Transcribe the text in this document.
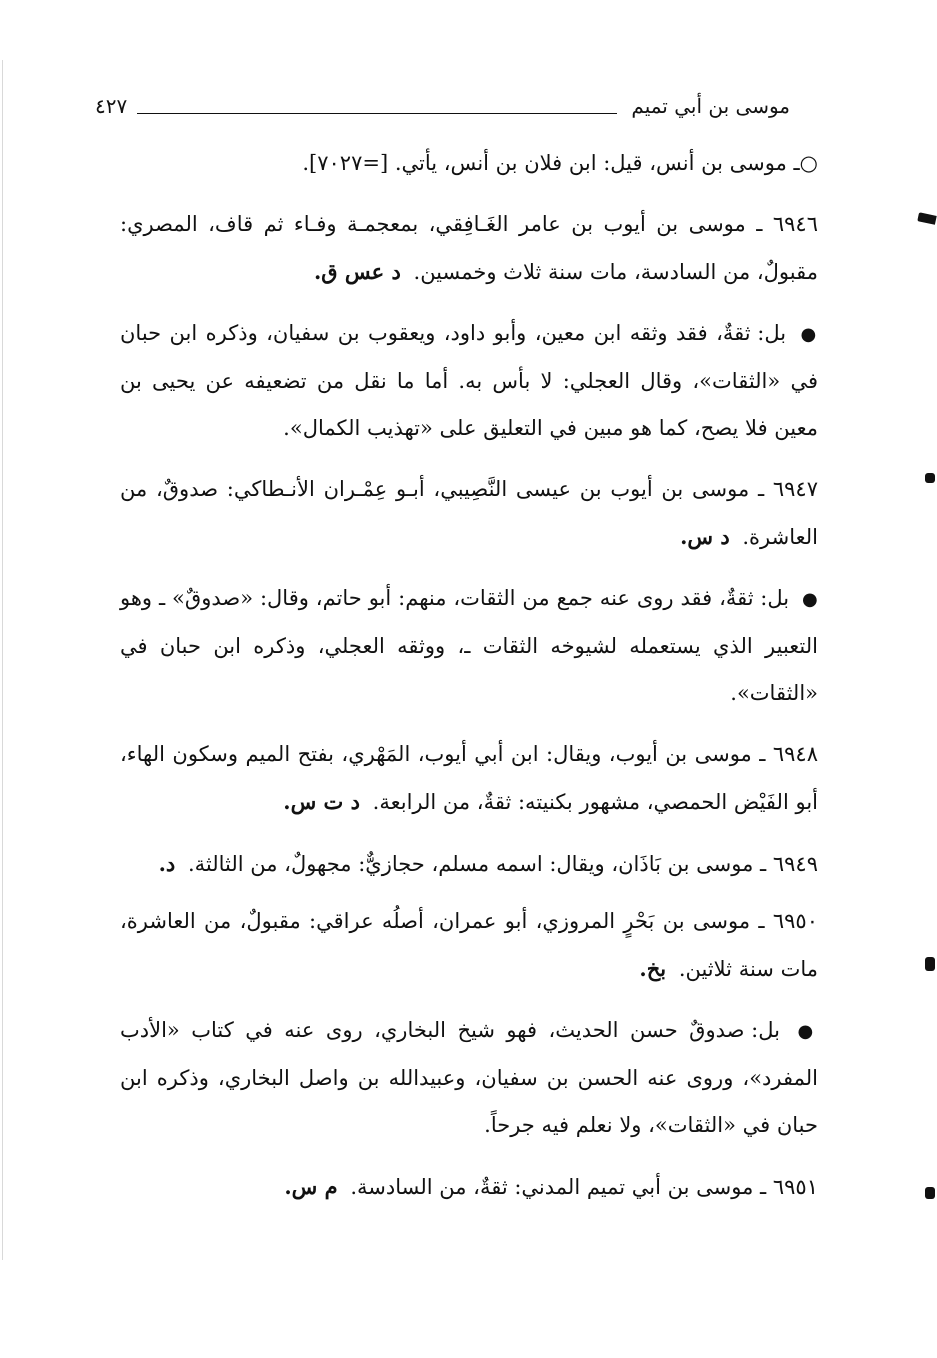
٤٢٧	موسى بن أبي تميم

○ـ موسى بن أنس، قيل: ابن فلان بن أنس، يأتي. [=٧٠٢٧].

٦٩٤٦ ـ موسى بن أيوب بن عامر الغَـافِقي، بمعجمـة وفـاء ثم قاف، المصري: مقبولٌ، من السادسة، مات سنة ثلاث وخمسين. د عس ق.

● بل: ثقةٌ، فقد وثقه ابن معين، وأبو داود، ويعقوب بن سفيان، وذكره ابن حبان في «الثقات»، وقال العجلي: لا بأس به. أما ما نقل من تضعيفه عن يحيى بن معين فلا يصح، كما هو مبين في التعليق على «تهذيب الكمال».

٦٩٤٧ ـ موسى بن أيوب بن عيسى النَّصِيبي، أبـو عِمْـران الأنـطاكي: صدوقٌ، من العاشرة. د س.

● بل: ثقةٌ، فقد روى عنه جمع من الثقات، منهم: أبو حاتم، وقال: «صدوقٌ» ـ وهو التعبير الذي يستعمله لشيوخه الثقات ـ، ووثقه العجلي، وذكره ابن حبان في «الثقات».

٦٩٤٨ ـ موسى بن أيوب، ويقال: ابن أبي أيوب، المَهْري، بفتح الميم وسكون الهاء، أبو الفَيْض الحمصي، مشهور بكنيته: ثقةٌ، من الرابعة. د ت س.

٦٩٤٩ ـ موسى بن بَاذَان، ويقال: اسمه مسلم، حجازيٌّ: مجهولٌ، من الثالثة. د.

٦٩٥٠ ـ موسى بن بَحْرٍ المروزي، أبو عمران، أصلُه عراقي: مقبولٌ، من العاشرة، مات سنة ثلاثين. بخ.

● بل: صدوقٌ حسن الحديث، فهو شيخ البخاري، روى عنه في كتاب «الأدب المفرد»، وروى عنه الحسن بن سفيان، وعبيدالله بن واصل البخاري، وذكره ابن حبان في «الثقات»، ولا نعلم فيه جرحاً.

٦٩٥١ ـ موسى بن أبي تميم المدني: ثقةٌ، من السادسة. م س.
